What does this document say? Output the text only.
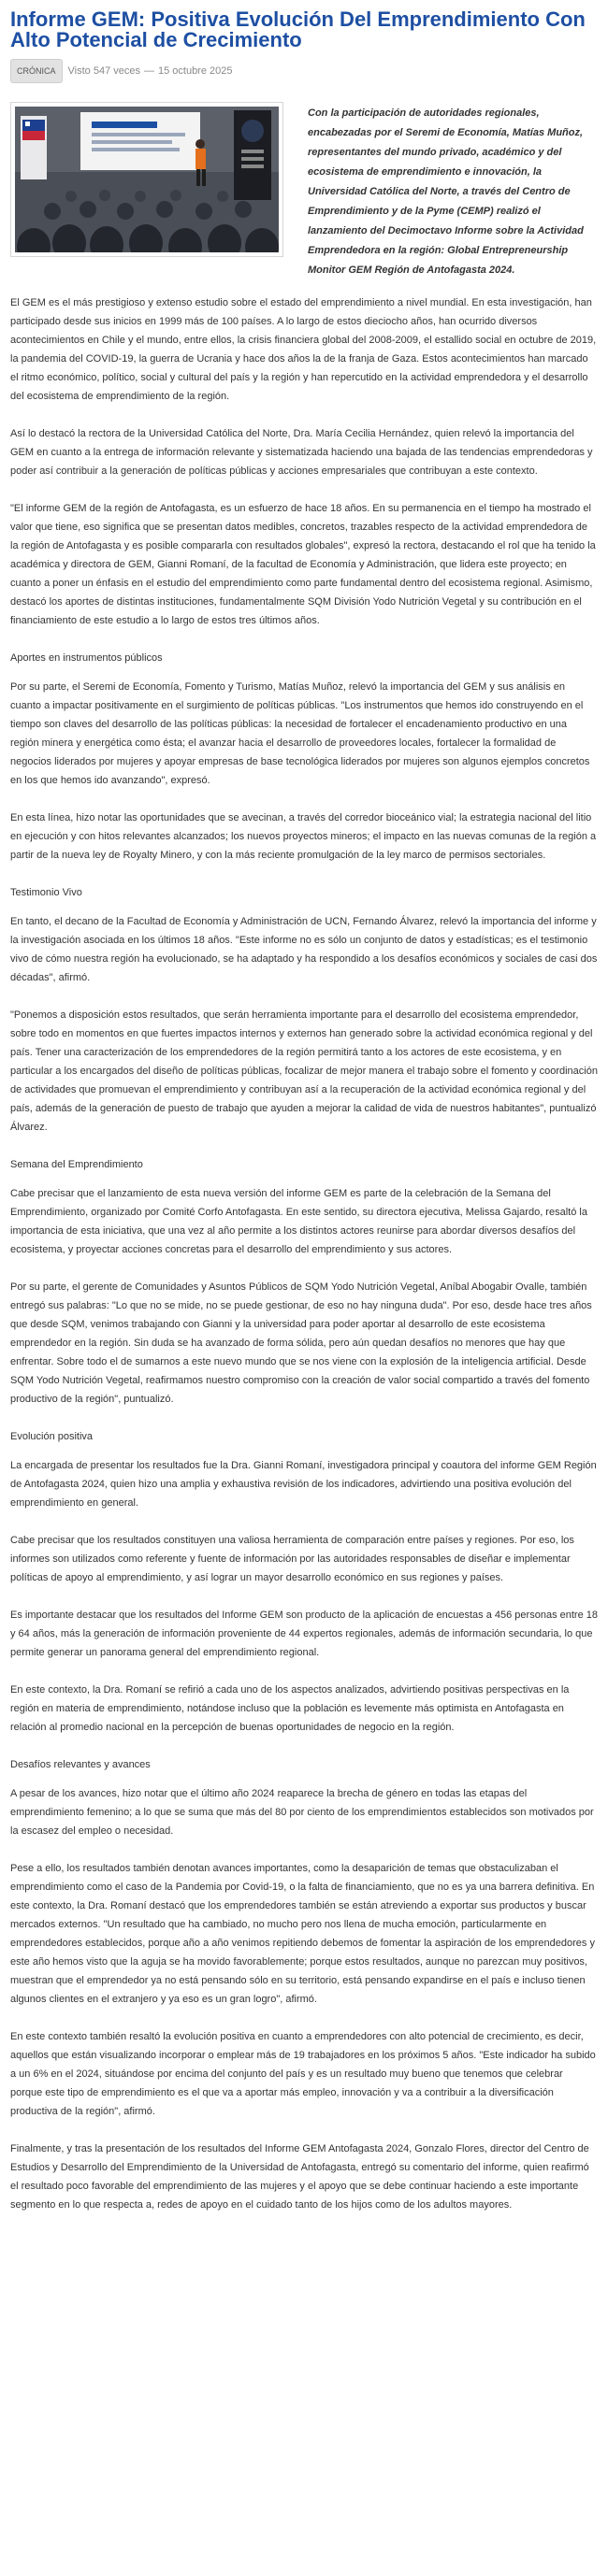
Informe GEM: Positiva Evolución Del Emprendimiento Con Alto Potencial de Crecimiento
CRÓNICA	Visto 547 veces — 15 octubre 2025

Con la participación de autoridades regionales, encabezadas por el Seremi de Economía, Matías Muñoz, representantes del mundo privado, académico y del ecosistema de emprendimiento e innovación, la Universidad Católica del Norte, a través del Centro de Emprendimiento y de la Pyme (CEMP) realizó el lanzamiento del Decimoctavo Informe sobre la Actividad Emprendedora en la región: Global Entrepreneurship Monitor GEM Región de Antofagasta 2024.

El GEM es el más prestigioso y extenso estudio sobre el estado del emprendimiento a nivel mundial. En esta investigación, han participado desde sus inicios en 1999 más de 100 países. A lo largo de estos dieciocho años, han ocurrido diversos acontecimientos en Chile y el mundo, entre ellos, la crisis financiera global del 2008-2009, el estallido social en octubre de 2019, la pandemia del COVID-19, la guerra de Ucrania y hace dos años la de la franja de Gaza. Estos acontecimientos han marcado el ritmo económico, político, social y cultural del país y la región y han repercutido en la actividad emprendedora y el desarrollo del ecosistema de emprendimiento de la región.

Así lo destacó la rectora de la Universidad Católica del Norte, Dra. María Cecilia Hernández, quien relevó la importancia del GEM en cuanto a la entrega de información relevante y sistematizada haciendo una bajada de las tendencias emprendedoras y poder así contribuir a la generación de políticas públicas y acciones empresariales que contribuyan a este contexto.

"El informe GEM de la región de Antofagasta, es un esfuerzo de hace 18 años. En su permanencia en el tiempo ha mostrado el valor que tiene, eso significa que se presentan datos medibles, concretos, trazables respecto de la actividad emprendedora de la región de Antofagasta y es posible compararla con resultados globales", expresó la rectora, destacando el rol que ha tenido la académica y directora de GEM, Gianni Romaní, de la facultad de Economía y Administración, que lidera este proyecto; en cuanto a poner un énfasis en el estudio del emprendimiento como parte fundamental dentro del ecosistema regional. Asimismo, destacó los aportes de distintas instituciones, fundamentalmente SQM División Yodo Nutrición Vegetal y su contribución en el financiamiento de este estudio a lo largo de estos tres últimos años.

Aportes en instrumentos públicos

Por su parte, el Seremi de Economía, Fomento y Turismo, Matías Muñoz, relevó la importancia del GEM y sus análisis en cuanto a impactar positivamente en el surgimiento de políticas públicas. "Los instrumentos que hemos ido construyendo en el tiempo son claves del desarrollo de las políticas públicas: la necesidad de fortalecer el encadenamiento productivo en una región minera y energética como ésta; el avanzar hacia el desarrollo de proveedores locales, fortalecer la formalidad de negocios liderados por mujeres y apoyar empresas de base tecnológica liderados por mujeres son algunos ejemplos concretos en los que hemos ido avanzando", expresó.

En esta línea, hizo notar las oportunidades que se avecinan, a través del corredor bioceánico vial; la estrategia nacional del litio en ejecución y con hitos relevantes alcanzados; los nuevos proyectos mineros; el impacto en las nuevas comunas de la región a partir de la nueva ley de Royalty Minero, y con la más reciente promulgación de la ley marco de permisos sectoriales.

Testimonio Vivo

En tanto, el decano de la Facultad de Economía y Administración de UCN, Fernando Álvarez, relevó la importancia del informe y la investigación asociada en los últimos 18 años. "Este informe no es sólo un conjunto de datos y estadísticas; es el testimonio vivo de cómo nuestra región ha evolucionado, se ha adaptado y ha respondido a los desafíos económicos y sociales de casi dos décadas", afirmó.

"Ponemos a disposición estos resultados, que serán herramienta importante para el desarrollo del ecosistema emprendedor, sobre todo en momentos en que fuertes impactos internos y externos han generado sobre la actividad económica regional y del país. Tener una caracterización de los emprendedores de la región permitirá tanto a los actores de este ecosistema, y en particular a los encargados del diseño de políticas públicas, focalizar de mejor manera el trabajo sobre el fomento y coordinación de actividades que promuevan el emprendimiento y contribuyan así a la recuperación de la actividad económica regional y del país, además de la generación de puesto de trabajo que ayuden a mejorar la calidad de vida de nuestros habitantes", puntualizó Álvarez.

Semana del Emprendimiento

Cabe precisar que el lanzamiento de esta nueva versión del informe GEM es parte de la celebración de la Semana del Emprendimiento, organizado por Comité Corfo Antofagasta. En este sentido, su directora ejecutiva, Melissa Gajardo, resaltó la importancia de esta iniciativa, que una vez al año permite a los distintos actores reunirse para abordar diversos desafíos del ecosistema, y proyectar acciones concretas para el desarrollo del emprendimiento y sus actores.

Por su parte, el gerente de Comunidades y Asuntos Públicos de SQM Yodo Nutrición Vegetal, Aníbal Abogabir Ovalle, también entregó sus palabras: "Lo que no se mide, no se puede gestionar, de eso no hay ninguna duda". Por eso, desde hace tres años que desde SQM, venimos trabajando con Gianni y la universidad para poder aportar al desarrollo de este ecosistema emprendedor en la región. Sin duda se ha avanzado de forma sólida, pero aún quedan desafíos no menores que hay que enfrentar. Sobre todo el de sumarnos a este nuevo mundo que se nos viene con la explosión de la inteligencia artificial. Desde SQM Yodo Nutrición Vegetal, reafirmamos nuestro compromiso con la creación de valor social compartido a través del fomento productivo de la región", puntualizó.

Evolución positiva

La encargada de presentar los resultados fue la Dra. Gianni Romaní, investigadora principal y coautora del informe GEM Región de Antofagasta 2024, quien hizo una amplia y exhaustiva revisión de los indicadores, advirtiendo una positiva evolución del emprendimiento en general.

Cabe precisar que los resultados constituyen una valiosa herramienta de comparación entre países y regiones. Por eso, los informes son utilizados como referente y fuente de información por las autoridades responsables de diseñar e implementar políticas de apoyo al emprendimiento, y así lograr un mayor desarrollo económico en sus regiones y países.

Es importante destacar que los resultados del Informe GEM son producto de la aplicación de encuestas a 456 personas entre 18 y 64 años, más la generación de información proveniente de 44 expertos regionales, además de información secundaria, lo que permite generar un panorama general del emprendimiento regional.

En este contexto, la Dra. Romaní se refirió a cada uno de los aspectos analizados, advirtiendo positivas perspectivas en la región en materia de emprendimiento, notándose incluso que la población es levemente más optimista en Antofagasta en relación al promedio nacional en la percepción de buenas oportunidades de negocio en la región.

Desafíos relevantes y avances

A pesar de los avances, hizo notar que el último año 2024 reaparece la brecha de género en todas las etapas del emprendimiento femenino; a lo que se suma que más del 80 por ciento de los emprendimientos establecidos son motivados por la escasez del empleo o necesidad.

Pese a ello, los resultados también denotan avances importantes, como la desaparición de temas que obstaculizaban el emprendimiento como el caso de la Pandemia por Covid-19, o la falta de financiamiento, que no es ya una barrera definitiva. En este contexto, la Dra. Romaní destacó que los emprendedores también se están atreviendo a exportar sus productos y buscar mercados externos. "Un resultado que ha cambiado, no mucho pero nos llena de mucha emoción, particularmente en emprendedores establecidos, porque año a año venimos repitiendo debemos de fomentar la aspiración de los emprendedores y este año hemos visto que la aguja se ha movido favorablemente; porque estos resultados, aunque no parezcan muy positivos, muestran que el emprendedor ya no está pensando sólo en su territorio, está pensando expandirse en el país e incluso tienen algunos clientes en el extranjero y ya eso es un gran logro", afirmó.

En este contexto también resaltó la evolución positiva en cuanto a emprendedores con alto potencial de crecimiento, es decir, aquellos que están visualizando incorporar o emplear más de 19 trabajadores en los próximos 5 años. "Este indicador ha subido a un 6% en el 2024, situándose por encima del conjunto del país y es un resultado muy bueno que tenemos que celebrar porque este tipo de emprendimiento es el que va a aportar más empleo, innovación y va a contribuir a la diversificación productiva de la región", afirmó.

Finalmente, y tras la presentación de los resultados del Informe GEM Antofagasta 2024, Gonzalo Flores, director del Centro de Estudios y Desarrollo del Emprendimiento de la Universidad de Antofagasta, entregó su comentario del informe, quien reafirmó el resultado poco favorable del emprendimiento de las mujeres y el apoyo que se debe continuar haciendo a este importante segmento en lo que respecta a, redes de apoyo en el cuidado tanto de los hijos como de los adultos mayores.
